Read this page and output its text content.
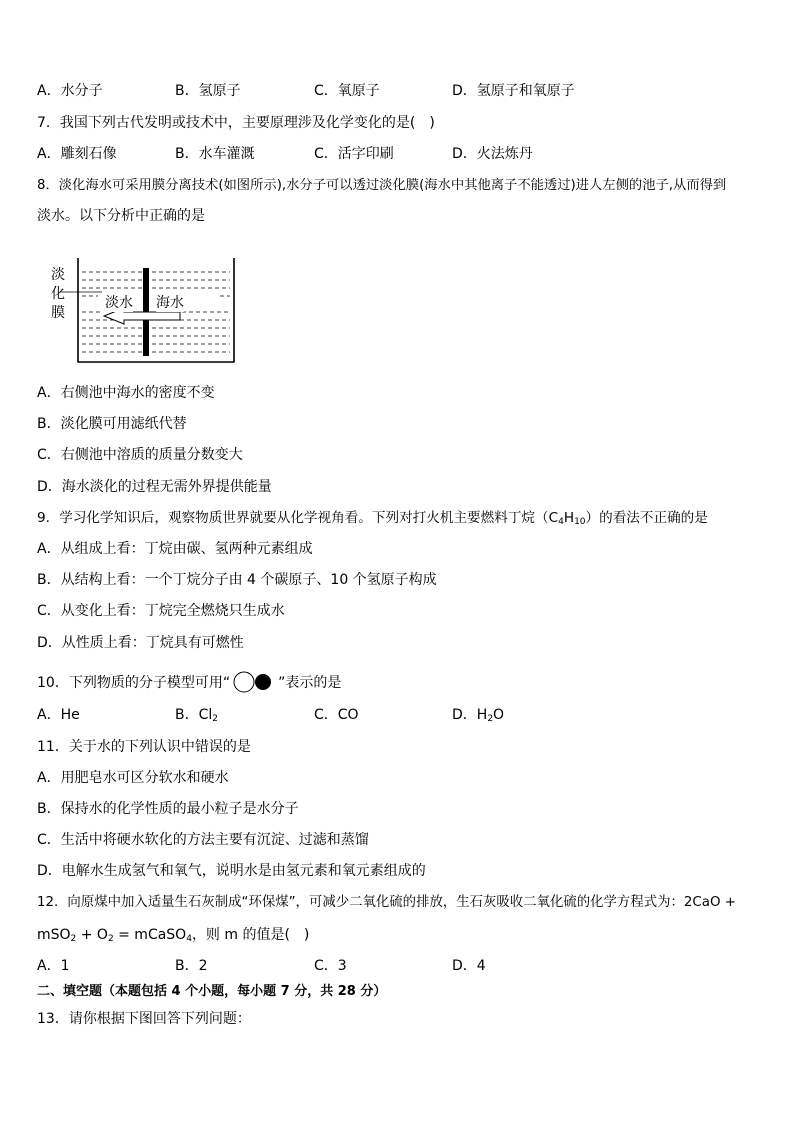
A．水分子	B．氢原子	C．氧原子	D．氢原子和氧原子
7．我国下列古代发明或技术中，主要原理涉及化学变化的是(　)
A．雕刻石像	B．水车灌溉	C．活字印刷	D．火法炼丹
8．淡化海水可采用膜分离技术(如图所示),水分子可以透过淡化膜(海水中其他离子不能透过)进人左侧的池子,从而得到
淡水。以下分析中正确的是
淡
化
膜
淡水 海水
A．右侧池中海水的密度不变
B．淡化膜可用滤纸代替
C．右侧池中溶质的质量分数变大
D．海水淡化的过程无需外界提供能量
9．学习化学知识后，观察物质世界就要从化学视角看。下列对打火机主要燃料丁烷$(C_4H_{10})$的看法不正确的是
A．从组成上看：丁烷由碳、氢两种元素组成
B．从结构上看：一个丁烷分子由 4 个碳原子、10 个氢原子构成
C．从变化上看：丁烷完全燃烧只生成水
D．从性质上看：丁烷具有可燃性
10．下列物质的分子模型可用“	”表示的是
A．He	B．$Cl_2$	C．CO	D．$H_2O$
11．关于水的下列认识中错误的是
A．用肥皂水可区分软水和硬水
B．保持水的化学性质的最小粒子是水分子
C．生活中将硬水软化的方法主要有沉淀、过滤和蒸馏
D．电解水生成氢气和氧气，说明水是由氢元素和氧元素组成的
12．向原煤中加入适量生石灰制成“环保煤”，可减少二氧化硫的排放，生石灰吸收二氧化硫的化学方程式为：2CaO +
$mSO_2 + O_2$ = mCaSO$_4$，则 m 的值是(　)
A．1	B．2	C．3	D．4
二、填空题（本题包括 4 个小题，每小题 7 分，共 28 分）
13．请你根据下图回答下列问题：
